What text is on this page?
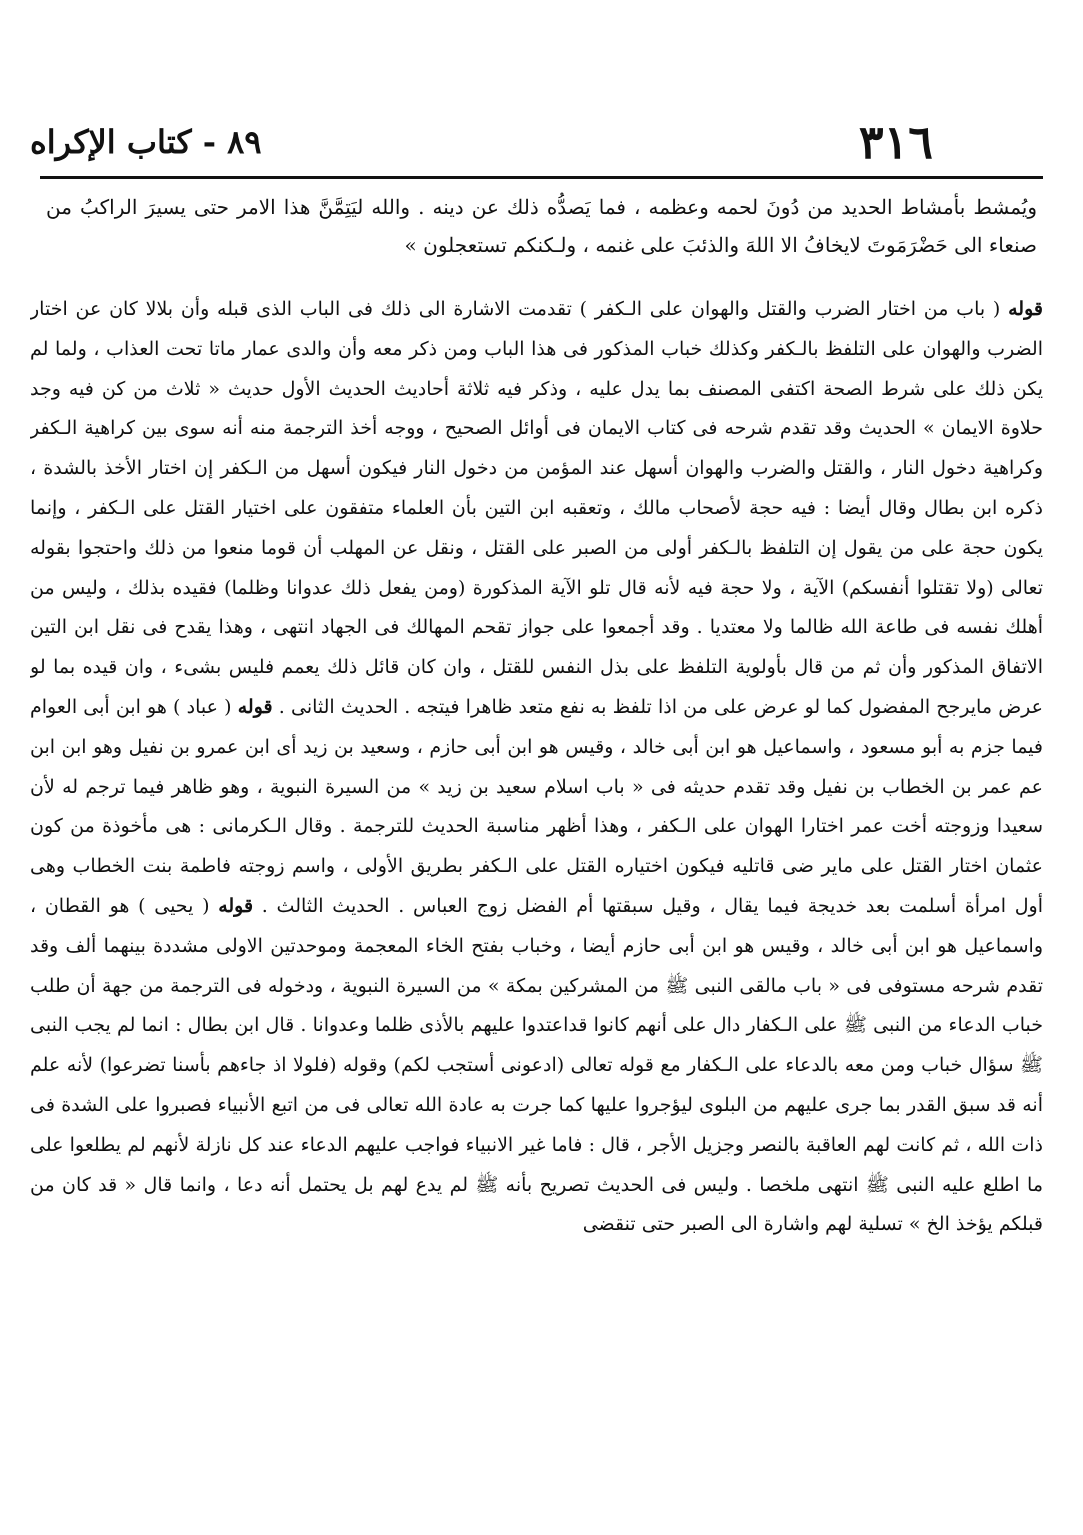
٣١٦
٨٩ - كتاب الإكراه
ويُمشط بأمشاط الحديد من دُونَ لحمه وعظمه ، فما يَصدُّه ذلك عن دينه . والله ليَتِمَّنَّ هذا الامر حتى يسيرَ الراكبُ من صنعاء الى حَضْرَمَوتَ لايخافُ الا اللهَ والذئبَ على غنمه ، ولـكنكم تستعجلون »

قوله ( باب من اختار الضرب والقتل والهوان على الـكفر ) تقدمت الاشارة الى ذلك فى الباب الذى قبله وأن بلالا كان عن اختار الضرب والهوان على التلفظ بالـكفر وكذلك خباب المذكور فى هذا الباب ومن ذكر معه وأن والدى عمار ماتا تحت العذاب ، ولما لم يكن ذلك على شرط الصحة اكتفى المصنف بما يدل عليه ، وذكر فيه ثلاثة أحاديث الحديث الأول حديث « ثلاث من كن فيه وجد حلاوة الايمان » الحديث وقد تقدم شرحه فى كتاب الايمان فى أوائل الصحيح ، ووجه أخذ الترجمة منه أنه سوى بين كراهية الـكفر وكراهية دخول النار ، والقتل والضرب والهوان أسهل عند المؤمن من دخول النار فيكون أسهل من الـكفر إن اختار الأخذ بالشدة ، ذكره ابن بطال وقال أيضا : فيه حجة لأصحاب مالك ، وتعقبه ابن التين بأن العلماء متفقون على اختيار القتل على الـكفر ، وإنما يكون حجة على من يقول إن التلفظ بالـكفر أولى من الصبر على القتل ، ونقل عن المهلب أن قوما منعوا من ذلك واحتجوا بقوله تعالى (ولا تقتلوا أنفسكم) الآية ، ولا حجة فيه لأنه قال تلو الآية المذكورة (ومن يفعل ذلك عدوانا وظلما) فقيده بذلك ، وليس من أهلك نفسه فى طاعة الله ظالما ولا معتديا . وقد أجمعوا على جواز تقحم المهالك فى الجهاد انتهى ، وهذا يقدح فى نقل ابن التين الاتفاق المذكور وأن ثم من قال بأولوية التلفظ على بذل النفس للقتل ، وان كان قائل ذلك يعمم فليس بشىء ، وان قيده بما لو عرض مايرجح المفضول كما لو عرض على من اذا تلفظ به نفع متعد ظاهرا فيتجه . الحديث الثانى . قوله ( عباد ) هو ابن أبى العوام فيما جزم به أبو مسعود ، واسماعيل هو ابن أبى خالد ، وقيس هو ابن أبى حازم ، وسعيد بن زيد أى ابن عمرو بن نفيل وهو ابن ابن عم عمر بن الخطاب بن نفيل وقد تقدم حديثه فى « باب اسلام سعيد بن زيد » من السيرة النبوية ، وهو ظاهر فيما ترجم له لأن سعيدا وزوجته أخت عمر اختارا الهوان على الـكفر ، وهذا أظهر مناسبة الحديث للترجمة . وقال الـكرمانى : هى مأخوذة من كون عثمان اختار القتل على ماير ضى قاتليه فيكون اختياره القتل على الـكفر بطريق الأولى ، واسم زوجته فاطمة بنت الخطاب وهى أول امرأة أسلمت بعد خديجة فيما يقال ، وقيل سبقتها أم الفضل زوج العباس . الحديث الثالث . قوله ( يحيى ) هو القطان ، واسماعيل هو ابن أبى خالد ، وقيس هو ابن أبى حازم أيضا ، وخباب بفتح الخاء المعجمة وموحدتين الاولى مشددة بينهما ألف وقد تقدم شرحه مستوفى فى « باب مالقى النبى ﷺ من المشركين بمكة » من السيرة النبوية ، ودخوله فى الترجمة من جهة أن طلب خباب الدعاء من النبى ﷺ على الـكفار دال على أنهم كانوا قداعتدوا عليهم بالأذى ظلما وعدوانا . قال ابن بطال : انما لم يجب النبى ﷺ سؤال خباب ومن معه بالدعاء على الـكفار مع قوله تعالى (ادعونى أستجب لكم) وقوله (فلولا اذ جاءهم بأسنا تضرعوا) لأنه علم أنه قد سبق القدر بما جرى عليهم من البلوى ليؤجروا عليها كما جرت به عادة الله تعالى فى من اتبع الأنبياء فصبروا على الشدة فى ذات الله ، ثم كانت لهم العاقبة بالنصر وجزيل الأجر ، قال : فاما غير الانبياء فواجب عليهم الدعاء عند كل نازلة لأنهم لم يطلعوا على ما اطلع عليه النبى ﷺ انتهى ملخصا . وليس فى الحديث تصريح بأنه ﷺ لم يدع لهم بل يحتمل أنه دعا ، وانما قال « قد كان من قبلكم يؤخذ الخ » تسلية لهم واشارة الى الصبر حتى تنقضى
